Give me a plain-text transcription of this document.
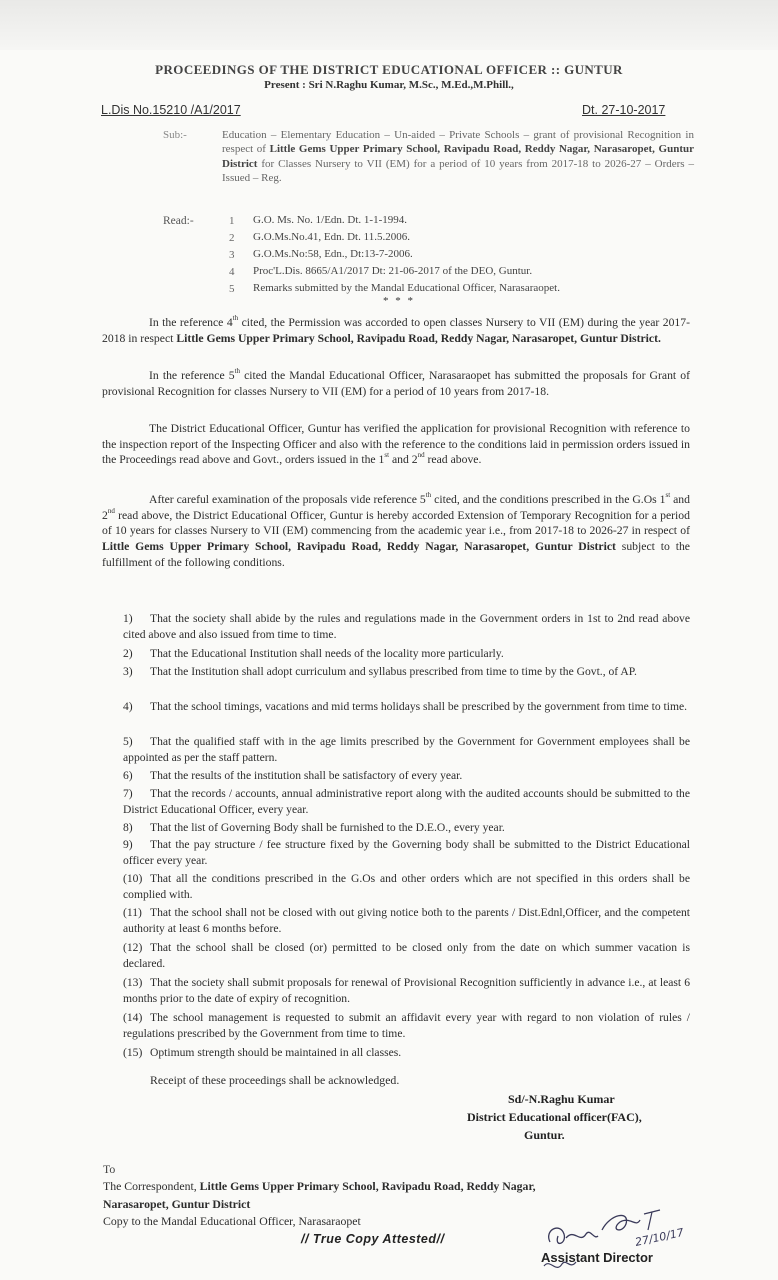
PROCEEDINGS OF THE DISTRICT EDUCATIONAL OFFICER :: GUNTUR
Present : Sri N.Raghu Kumar, M.Sc., M.Ed.,M.Phill.,
L.Dis No.15210 /A1/2017	Dt. 27-10-2017
Sub:-	Education – Elementary Education – Un-aided – Private Schools – grant of provisional Recognition in respect of Little Gems Upper Primary School, Ravipadu Road, Reddy Nagar, Narasaropet, Guntur District for Classes Nursery to VII (EM) for a period of 10 years from 2017-18 to 2026-27 – Orders – Issued – Reg.
Read:-	1 G.O. Ms. No. 1/Edn. Dt. 1-1-1994.
2 G.O.Ms.No.41, Edn. Dt. 11.5.2006.
3 G.O.Ms.No:58, Edn., Dt:13-7-2006.
4 Proc'L.Dis. 8665/A1/2017 Dt: 21-06-2017 of the DEO, Guntur.
5 Remarks submitted by the Mandal Educational Officer, Narasaraopet.
* * *
In the reference 4th cited, the Permission was accorded to open classes Nursery to VII (EM) during the year 2017-2018 in respect Little Gems Upper Primary School, Ravipadu Road, Reddy Nagar, Narasaropet, Guntur District.
In the reference 5th cited the Mandal Educational Officer, Narasaraopet has submitted the proposals for Grant of provisional Recognition for classes Nursery to VII (EM) for a period of 10 years from 2017-18.
The District Educational Officer, Guntur has verified the application for provisional Recognition with reference to the inspection report of the Inspecting Officer and also with the reference to the conditions laid in permission orders issued in the Proceedings read above and Govt., orders issued in the 1st and 2nd read above.
After careful examination of the proposals vide reference 5th cited, and the conditions prescribed in the G.Os 1st and 2nd read above, the District Educational Officer, Guntur is hereby accorded Extension of Temporary Recognition for a period of 10 years for classes Nursery to VII (EM) commencing from the academic year i.e., from 2017-18 to 2026-27 in respect of Little Gems Upper Primary School, Ravipadu Road, Reddy Nagar, Narasaropet, Guntur District subject to the fulfillment of the following conditions.
1) That the society shall abide by the rules and regulations made in the Government orders in 1st to 2nd read above cited above and also issued from time to time.
2) That the Educational Institution shall needs of the locality more particularly.
3) That the Institution shall adopt curriculum and syllabus prescribed from time to time by the Govt., of AP.
4) That the school timings, vacations and mid terms holidays shall be prescribed by the government from time to time.
5) That the qualified staff with in the age limits prescribed by the Government for Government employees shall be appointed as per the staff pattern.
6) That the results of the institution shall be satisfactory of every year.
7) That the records / accounts, annual administrative report along with the audited accounts should be submitted to the District Educational Officer, every year.
8) That the list of Governing Body shall be furnished to the D.E.O., every year.
9) That the pay structure / fee structure fixed by the Governing body shall be submitted to the District Educational officer every year.
(10) That all the conditions prescribed in the G.Os and other orders which are not specified in this orders shall be complied with.
(11) That the school shall not be closed with out giving notice both to the parents / Dist.Ednl,Officer, and the competent authority at least 6 months before.
(12) That the school shall be closed (or) permitted to be closed only from the date on which summer vacation is declared.
(13) That the society shall submit proposals for renewal of Provisional Recognition sufficiently in advance i.e., at least 6 months prior to the date of expiry of recognition.
(14) The school management is requested to submit an affidavit every year with regard to non violation of rules / regulations prescribed by the Government from time to time.
(15) Optimum strength should be maintained in all classes.
Receipt of these proceedings shall be acknowledged.
Sd/-N.Raghu Kumar
District Educational officer(FAC),
Guntur.
To
The Correspondent, Little Gems Upper Primary School, Ravipadu Road, Reddy Nagar,
Narasaropet, Guntur District
Copy to the Mandal Educational Officer, Narasaraopet
// True Copy Attested//	27/10/17
Assistant Director
